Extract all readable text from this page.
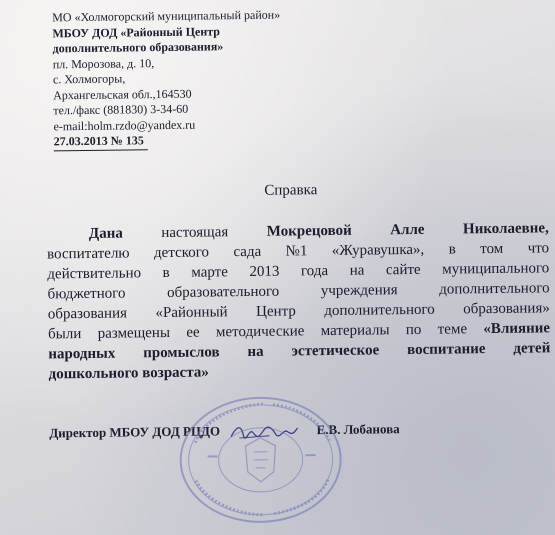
МО «Холмогорский муниципальный район»
МБОУ ДОД «Районный Центр
дополнительного образования»
пл. Морозова, д. 10,
с. Холмогоры,
Архангельская обл.,164530
тел./факс (881830) 3-34-60
e-mail:holm.rzdo@yandex.ru
27.03.2013 № 135
Справка
Дана	настоящая	Мокрецовой	Алле	Николаевне,
воспитателю детского сада №1 «Журавушка», в том что
действительно в марте 2013 года на сайте муниципального
бюджетного	образовательного	учреждения	дополнительного
образования «Районный Центр дополнительного образования»
были размещены ее методические материалы по теме «Влияние
народных промыслов на эстетическое воспитание детей
дошкольного возраста»
Директор МБОУ ДОД РЦДО	Е.В. Лобанова
